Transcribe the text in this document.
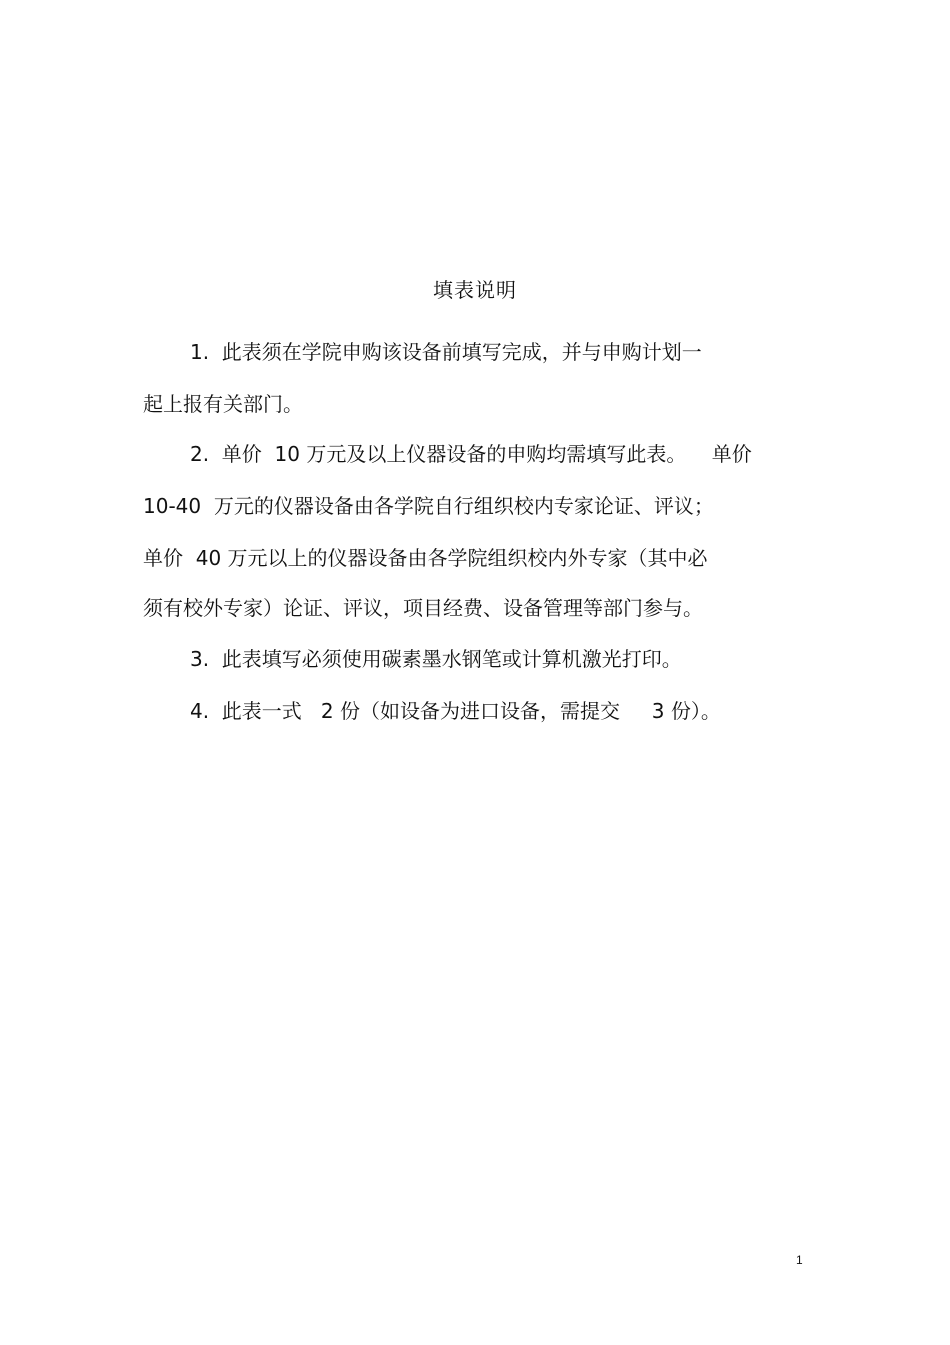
填表说明
1.  此表须在学院申购该设备前填写完成，并与申购计划一
起上报有关部门。
2.  单价  10 万元及以上仪器设备的申购均需填写此表。    单价
10-40  万元的仪器设备由各学院自行组织校内专家论证、评议；
单价  40 万元以上的仪器设备由各学院组织校内外专家（其中必
须有校外专家）论证、评议，项目经费、设备管理等部门参与。
3.  此表填写必须使用碳素墨水钢笔或计算机激光打印。
4.  此表一式   2 份（如设备为进口设备，需提交     3 份）。
1
